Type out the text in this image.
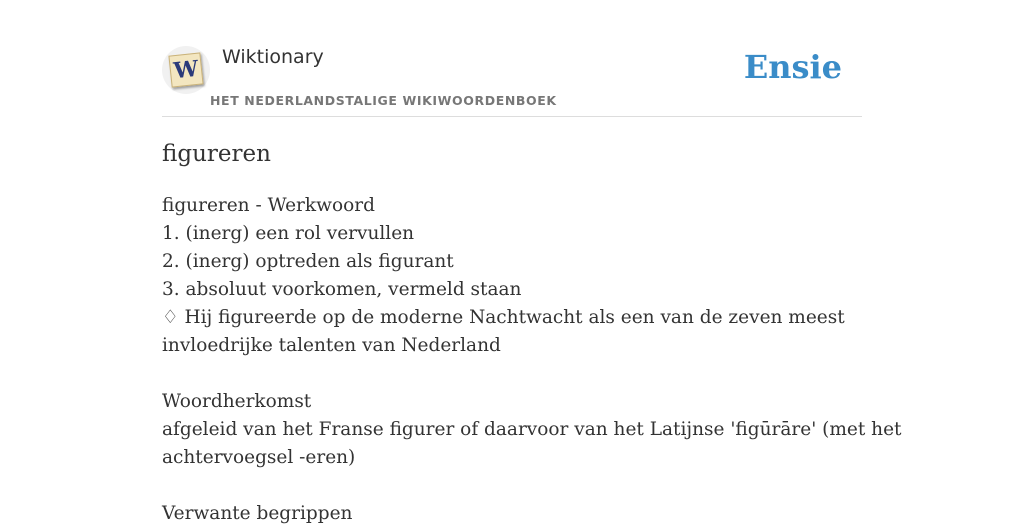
W Wiktionary
HET NEDERLANDSTALIGE WIKIWOORDENBOEK
Ensie
figureren
figureren - Werkwoord
1. (inerg) een rol vervullen
2. (inerg) optreden als figurant
3. absoluut voorkomen, vermeld staan
♢ Hij figureerde op de moderne Nachtwacht als een van de zeven meest
invloedrijke talenten van Nederland
Woordherkomst
afgeleid van het Franse figurer of daarvoor van het Latijnse 'figūrāre' (met het
achtervoegsel -eren)
Verwante begrippen
